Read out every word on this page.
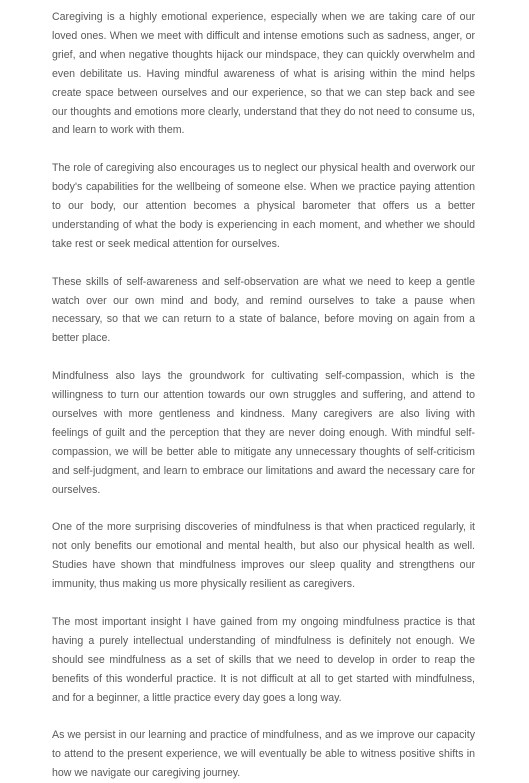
Caregiving is a highly emotional experience, especially when we are taking care of our loved ones. When we meet with difficult and intense emotions such as sadness, anger, or grief, and when negative thoughts hijack our mindspace, they can quickly overwhelm and even debilitate us. Having mindful awareness of what is arising within the mind helps create space between ourselves and our experience, so that we can step back and see our thoughts and emotions more clearly, understand that they do not need to consume us, and learn to work with them.

The role of caregiving also encourages us to neglect our physical health and overwork our body's capabilities for the wellbeing of someone else. When we practice paying attention to our body, our attention becomes a physical barometer that offers us a better understanding of what the body is experiencing in each moment, and whether we should take rest or seek medical attention for ourselves.

These skills of self-awareness and self-observation are what we need to keep a gentle watch over our own mind and body, and remind ourselves to take a pause when necessary, so that we can return to a state of balance, before moving on again from a better place.

Mindfulness also lays the groundwork for cultivating self-compassion, which is the willingness to turn our attention towards our own struggles and suffering, and attend to ourselves with more gentleness and kindness. Many caregivers are also living with feelings of guilt and the perception that they are never doing enough. With mindful self-compassion, we will be better able to mitigate any unnecessary thoughts of self-criticism and self-judgment, and learn to embrace our limitations and award the necessary care for ourselves.

One of the more surprising discoveries of mindfulness is that when practiced regularly, it not only benefits our emotional and mental health, but also our physical health as well. Studies have shown that mindfulness improves our sleep quality and strengthens our immunity, thus making us more physically resilient as caregivers.

The most important insight I have gained from my ongoing mindfulness practice is that having a purely intellectual understanding of mindfulness is definitely not enough. We should see mindfulness as a set of skills that we need to develop in order to reap the benefits of this wonderful practice. It is not difficult at all to get started with mindfulness, and for a beginner, a little practice every day goes a long way.

As we persist in our learning and practice of mindfulness, and as we improve our capacity to attend to the present experience, we will eventually be able to witness positive shifts in how we navigate our caregiving journey.
